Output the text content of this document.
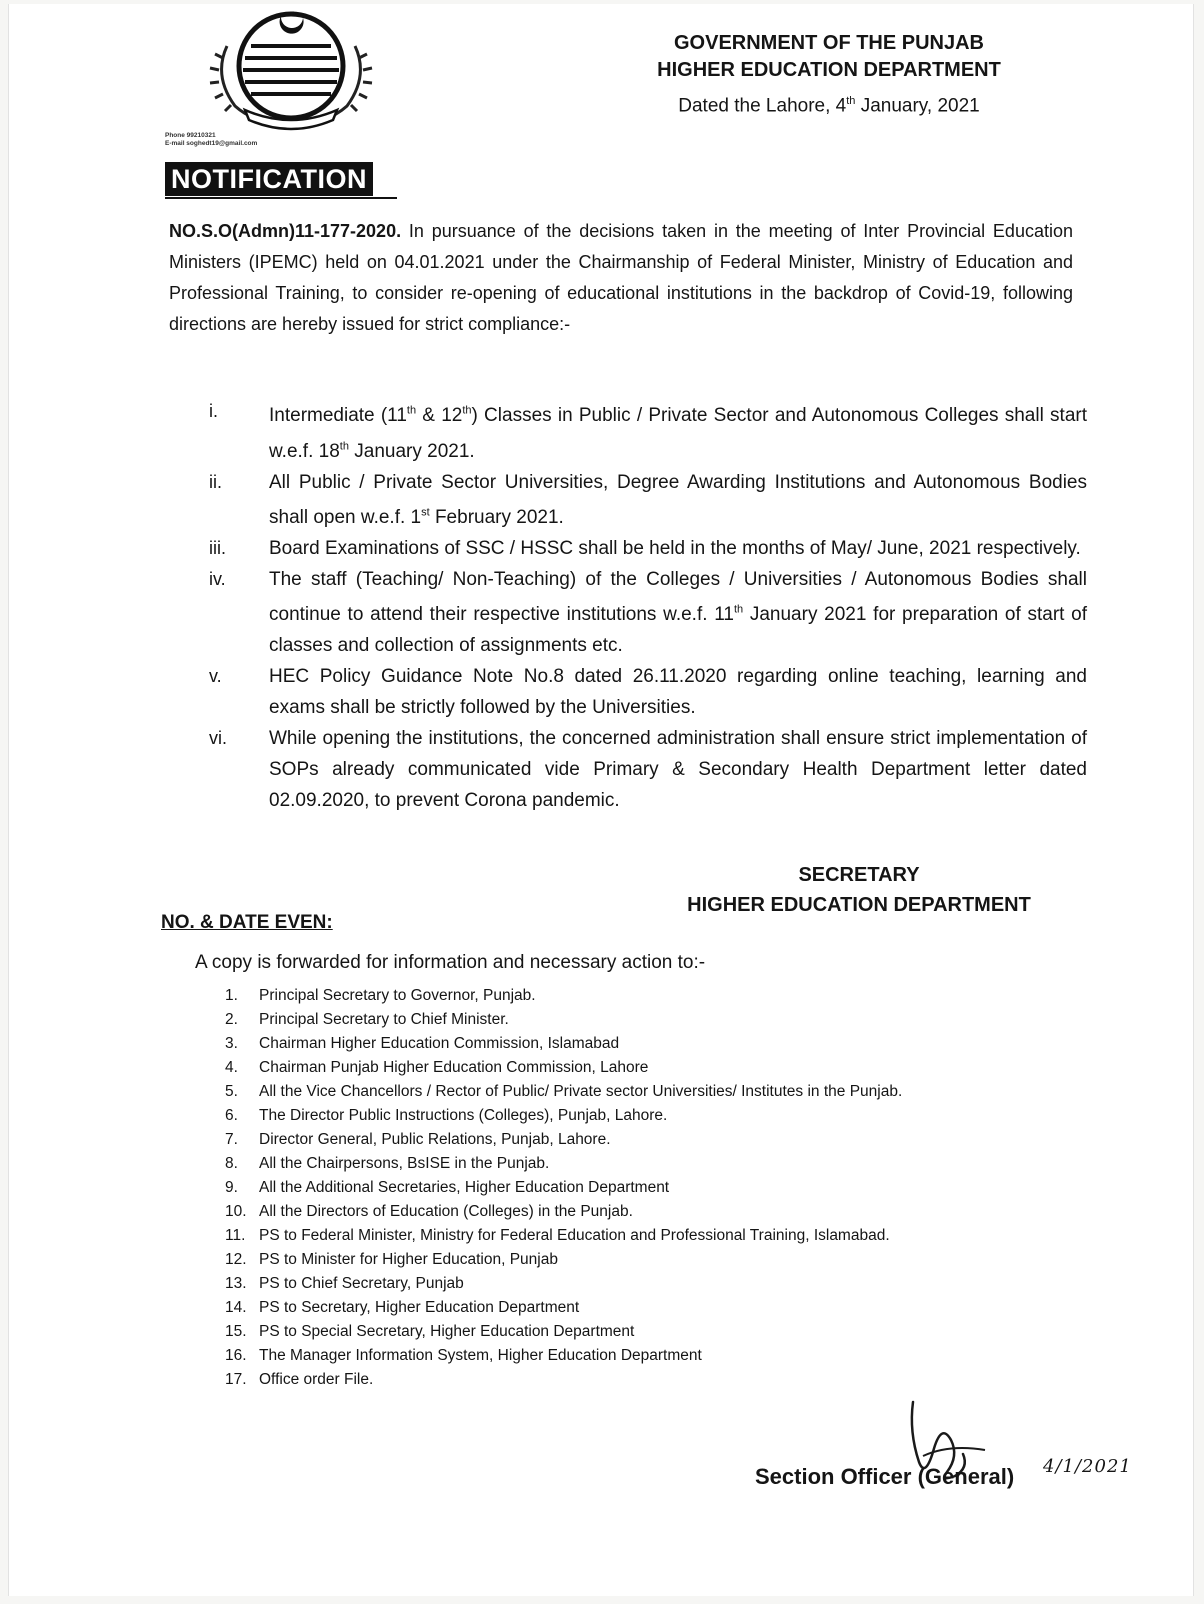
Phone 99210321
E-mail soghedt19@gmail.com
GOVERNMENT OF THE PUNJAB
HIGHER EDUCATION DEPARTMENT
Dated the Lahore, 4th January, 2021
NOTIFICATION
NO.S.O(Admn)11-177-2020. In pursuance of the decisions taken in the meeting of Inter Provincial Education Ministers (IPEMC) held on 04.01.2021 under the Chairmanship of Federal Minister, Ministry of Education and Professional Training, to consider re-opening of educational institutions in the backdrop of Covid-19, following directions are hereby issued for strict compliance:-
i.	Intermediate (11th & 12th) Classes in Public / Private Sector and Autonomous Colleges shall start w.e.f. 18th January 2021.
ii.	All Public / Private Sector Universities, Degree Awarding Institutions and Autonomous Bodies shall open w.e.f. 1st February 2021.
iii.	Board Examinations of SSC / HSSC shall be held in the months of May/ June, 2021 respectively.
iv.	The staff (Teaching/ Non-Teaching) of the Colleges / Universities / Autonomous Bodies shall continue to attend their respective institutions w.e.f. 11th January 2021 for preparation of start of classes and collection of assignments etc.
v.	HEC Policy Guidance Note No.8 dated 26.11.2020 regarding online teaching, learning and exams shall be strictly followed by the Universities.
vi.	While opening the institutions, the concerned administration shall ensure strict implementation of SOPs already communicated vide Primary & Secondary Health Department letter dated 02.09.2020, to prevent Corona pandemic.
SECRETARY
HIGHER EDUCATION DEPARTMENT
NO. & DATE EVEN:
A copy is forwarded for information and necessary action to:-
1. Principal Secretary to Governor, Punjab.
2. Principal Secretary to Chief Minister.
3. Chairman Higher Education Commission, Islamabad
4. Chairman Punjab Higher Education Commission, Lahore
5. All the Vice Chancellors / Rector of Public/ Private sector Universities/ Institutes in the Punjab.
6. The Director Public Instructions (Colleges), Punjab, Lahore.
7. Director General, Public Relations, Punjab, Lahore.
8. All the Chairpersons, BsISE in the Punjab.
9. All the Additional Secretaries, Higher Education Department
10. All the Directors of Education (Colleges) in the Punjab.
11. PS to Federal Minister, Ministry for Federal Education and Professional Training, Islamabad.
12. PS to Minister for Higher Education, Punjab
13. PS to Chief Secretary, Punjab
14. PS to Secretary, Higher Education Department
15. PS to Special Secretary, Higher Education Department
16. The Manager Information System, Higher Education Department
17. Office order File.
4/1/2021
Section Officer (General)
